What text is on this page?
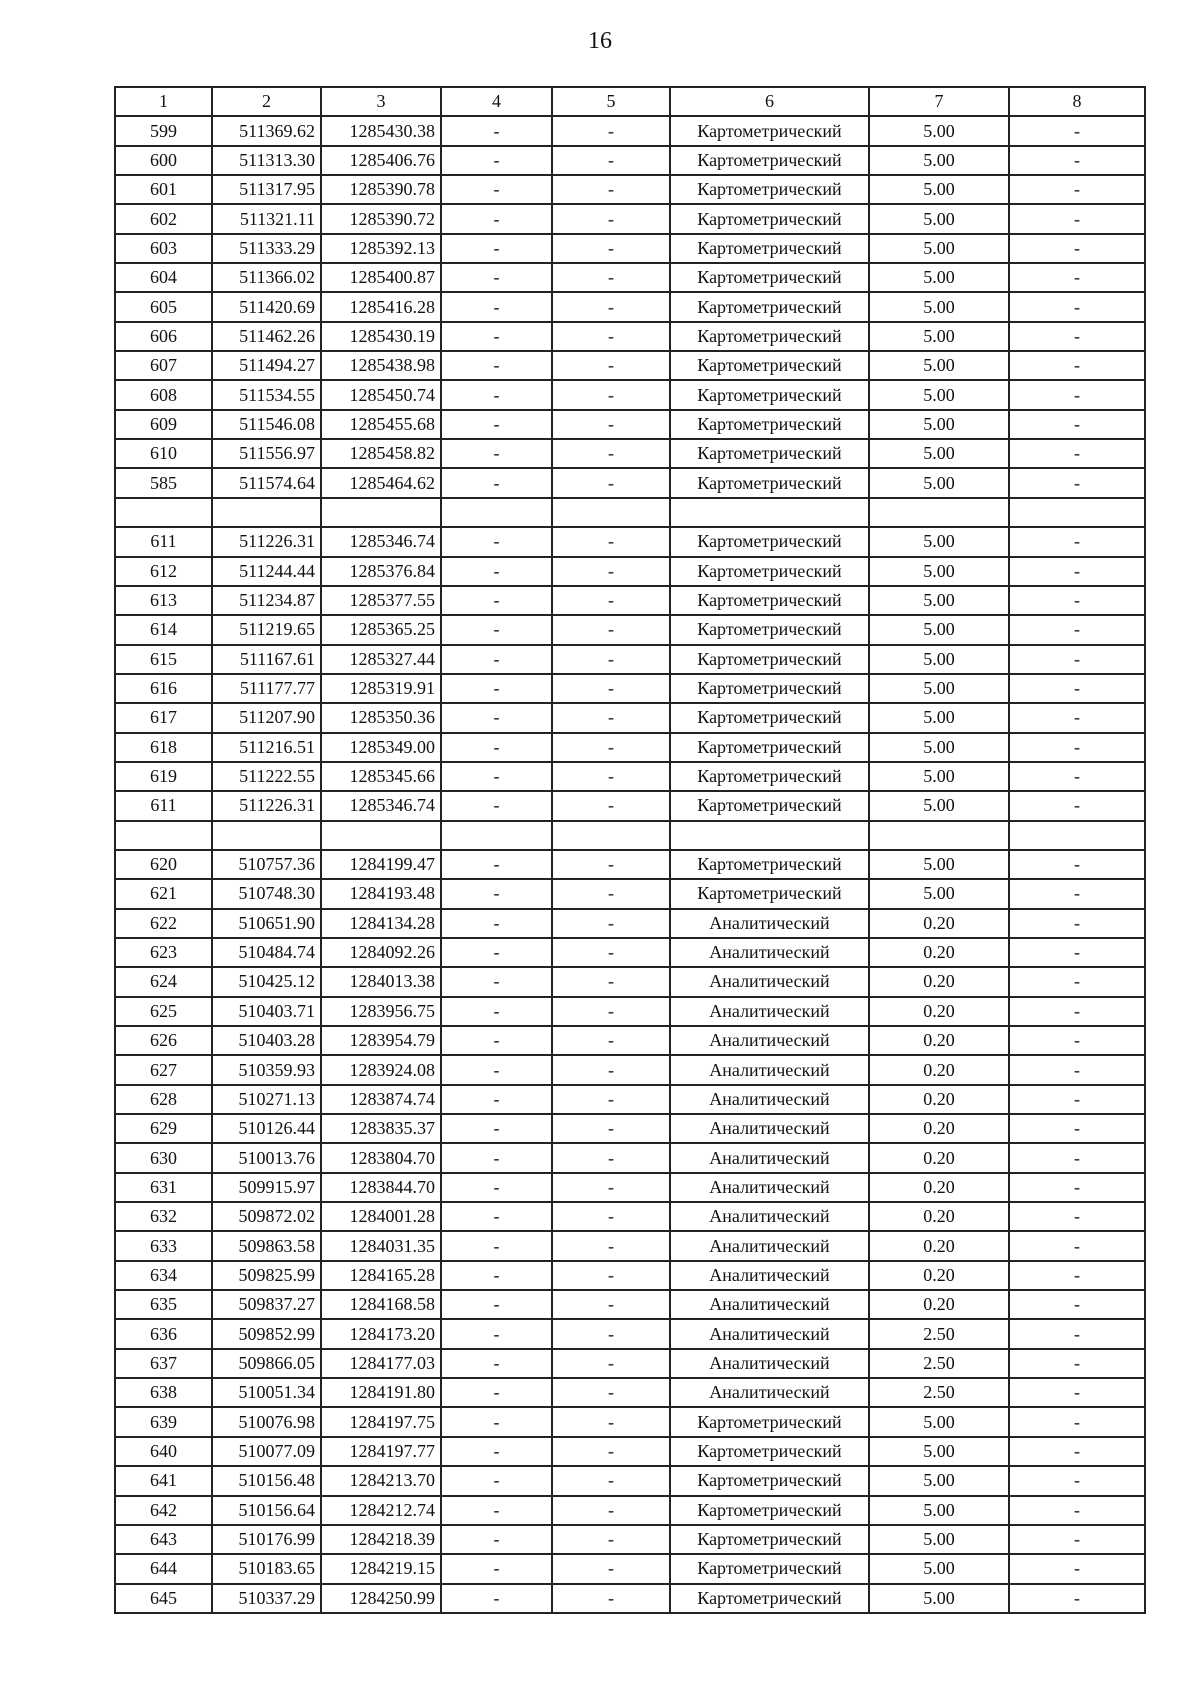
16
1	2	3	4	5	6	7	8
599	511369.62	1285430.38	-	-	Картометрический	5.00	-
600	511313.30	1285406.76	-	-	Картометрический	5.00	-
601	511317.95	1285390.78	-	-	Картометрический	5.00	-
602	511321.11	1285390.72	-	-	Картометрический	5.00	-
603	511333.29	1285392.13	-	-	Картометрический	5.00	-
604	511366.02	1285400.87	-	-	Картометрический	5.00	-
605	511420.69	1285416.28	-	-	Картометрический	5.00	-
606	511462.26	1285430.19	-	-	Картометрический	5.00	-
607	511494.27	1285438.98	-	-	Картометрический	5.00	-
608	511534.55	1285450.74	-	-	Картометрический	5.00	-
609	511546.08	1285455.68	-	-	Картометрический	5.00	-
610	511556.97	1285458.82	-	-	Картометрический	5.00	-
585	511574.64	1285464.62	-	-	Картометрический	5.00	-

611	511226.31	1285346.74	-	-	Картометрический	5.00	-
612	511244.44	1285376.84	-	-	Картометрический	5.00	-
613	511234.87	1285377.55	-	-	Картометрический	5.00	-
614	511219.65	1285365.25	-	-	Картометрический	5.00	-
615	511167.61	1285327.44	-	-	Картометрический	5.00	-
616	511177.77	1285319.91	-	-	Картометрический	5.00	-
617	511207.90	1285350.36	-	-	Картометрический	5.00	-
618	511216.51	1285349.00	-	-	Картометрический	5.00	-
619	511222.55	1285345.66	-	-	Картометрический	5.00	-
611	511226.31	1285346.74	-	-	Картометрический	5.00	-

620	510757.36	1284199.47	-	-	Картометрический	5.00	-
621	510748.30	1284193.48	-	-	Картометрический	5.00	-
622	510651.90	1284134.28	-	-	Аналитический	0.20	-
623	510484.74	1284092.26	-	-	Аналитический	0.20	-
624	510425.12	1284013.38	-	-	Аналитический	0.20	-
625	510403.71	1283956.75	-	-	Аналитический	0.20	-
626	510403.28	1283954.79	-	-	Аналитический	0.20	-
627	510359.93	1283924.08	-	-	Аналитический	0.20	-
628	510271.13	1283874.74	-	-	Аналитический	0.20	-
629	510126.44	1283835.37	-	-	Аналитический	0.20	-
630	510013.76	1283804.70	-	-	Аналитический	0.20	-
631	509915.97	1283844.70	-	-	Аналитический	0.20	-
632	509872.02	1284001.28	-	-	Аналитический	0.20	-
633	509863.58	1284031.35	-	-	Аналитический	0.20	-
634	509825.99	1284165.28	-	-	Аналитический	0.20	-
635	509837.27	1284168.58	-	-	Аналитический	0.20	-
636	509852.99	1284173.20	-	-	Аналитический	2.50	-
637	509866.05	1284177.03	-	-	Аналитический	2.50	-
638	510051.34	1284191.80	-	-	Аналитический	2.50	-
639	510076.98	1284197.75	-	-	Картометрический	5.00	-
640	510077.09	1284197.77	-	-	Картометрический	5.00	-
641	510156.48	1284213.70	-	-	Картометрический	5.00	-
642	510156.64	1284212.74	-	-	Картометрический	5.00	-
643	510176.99	1284218.39	-	-	Картометрический	5.00	-
644	510183.65	1284219.15	-	-	Картометрический	5.00	-
645	510337.29	1284250.99	-	-	Картометрический	5.00	-
